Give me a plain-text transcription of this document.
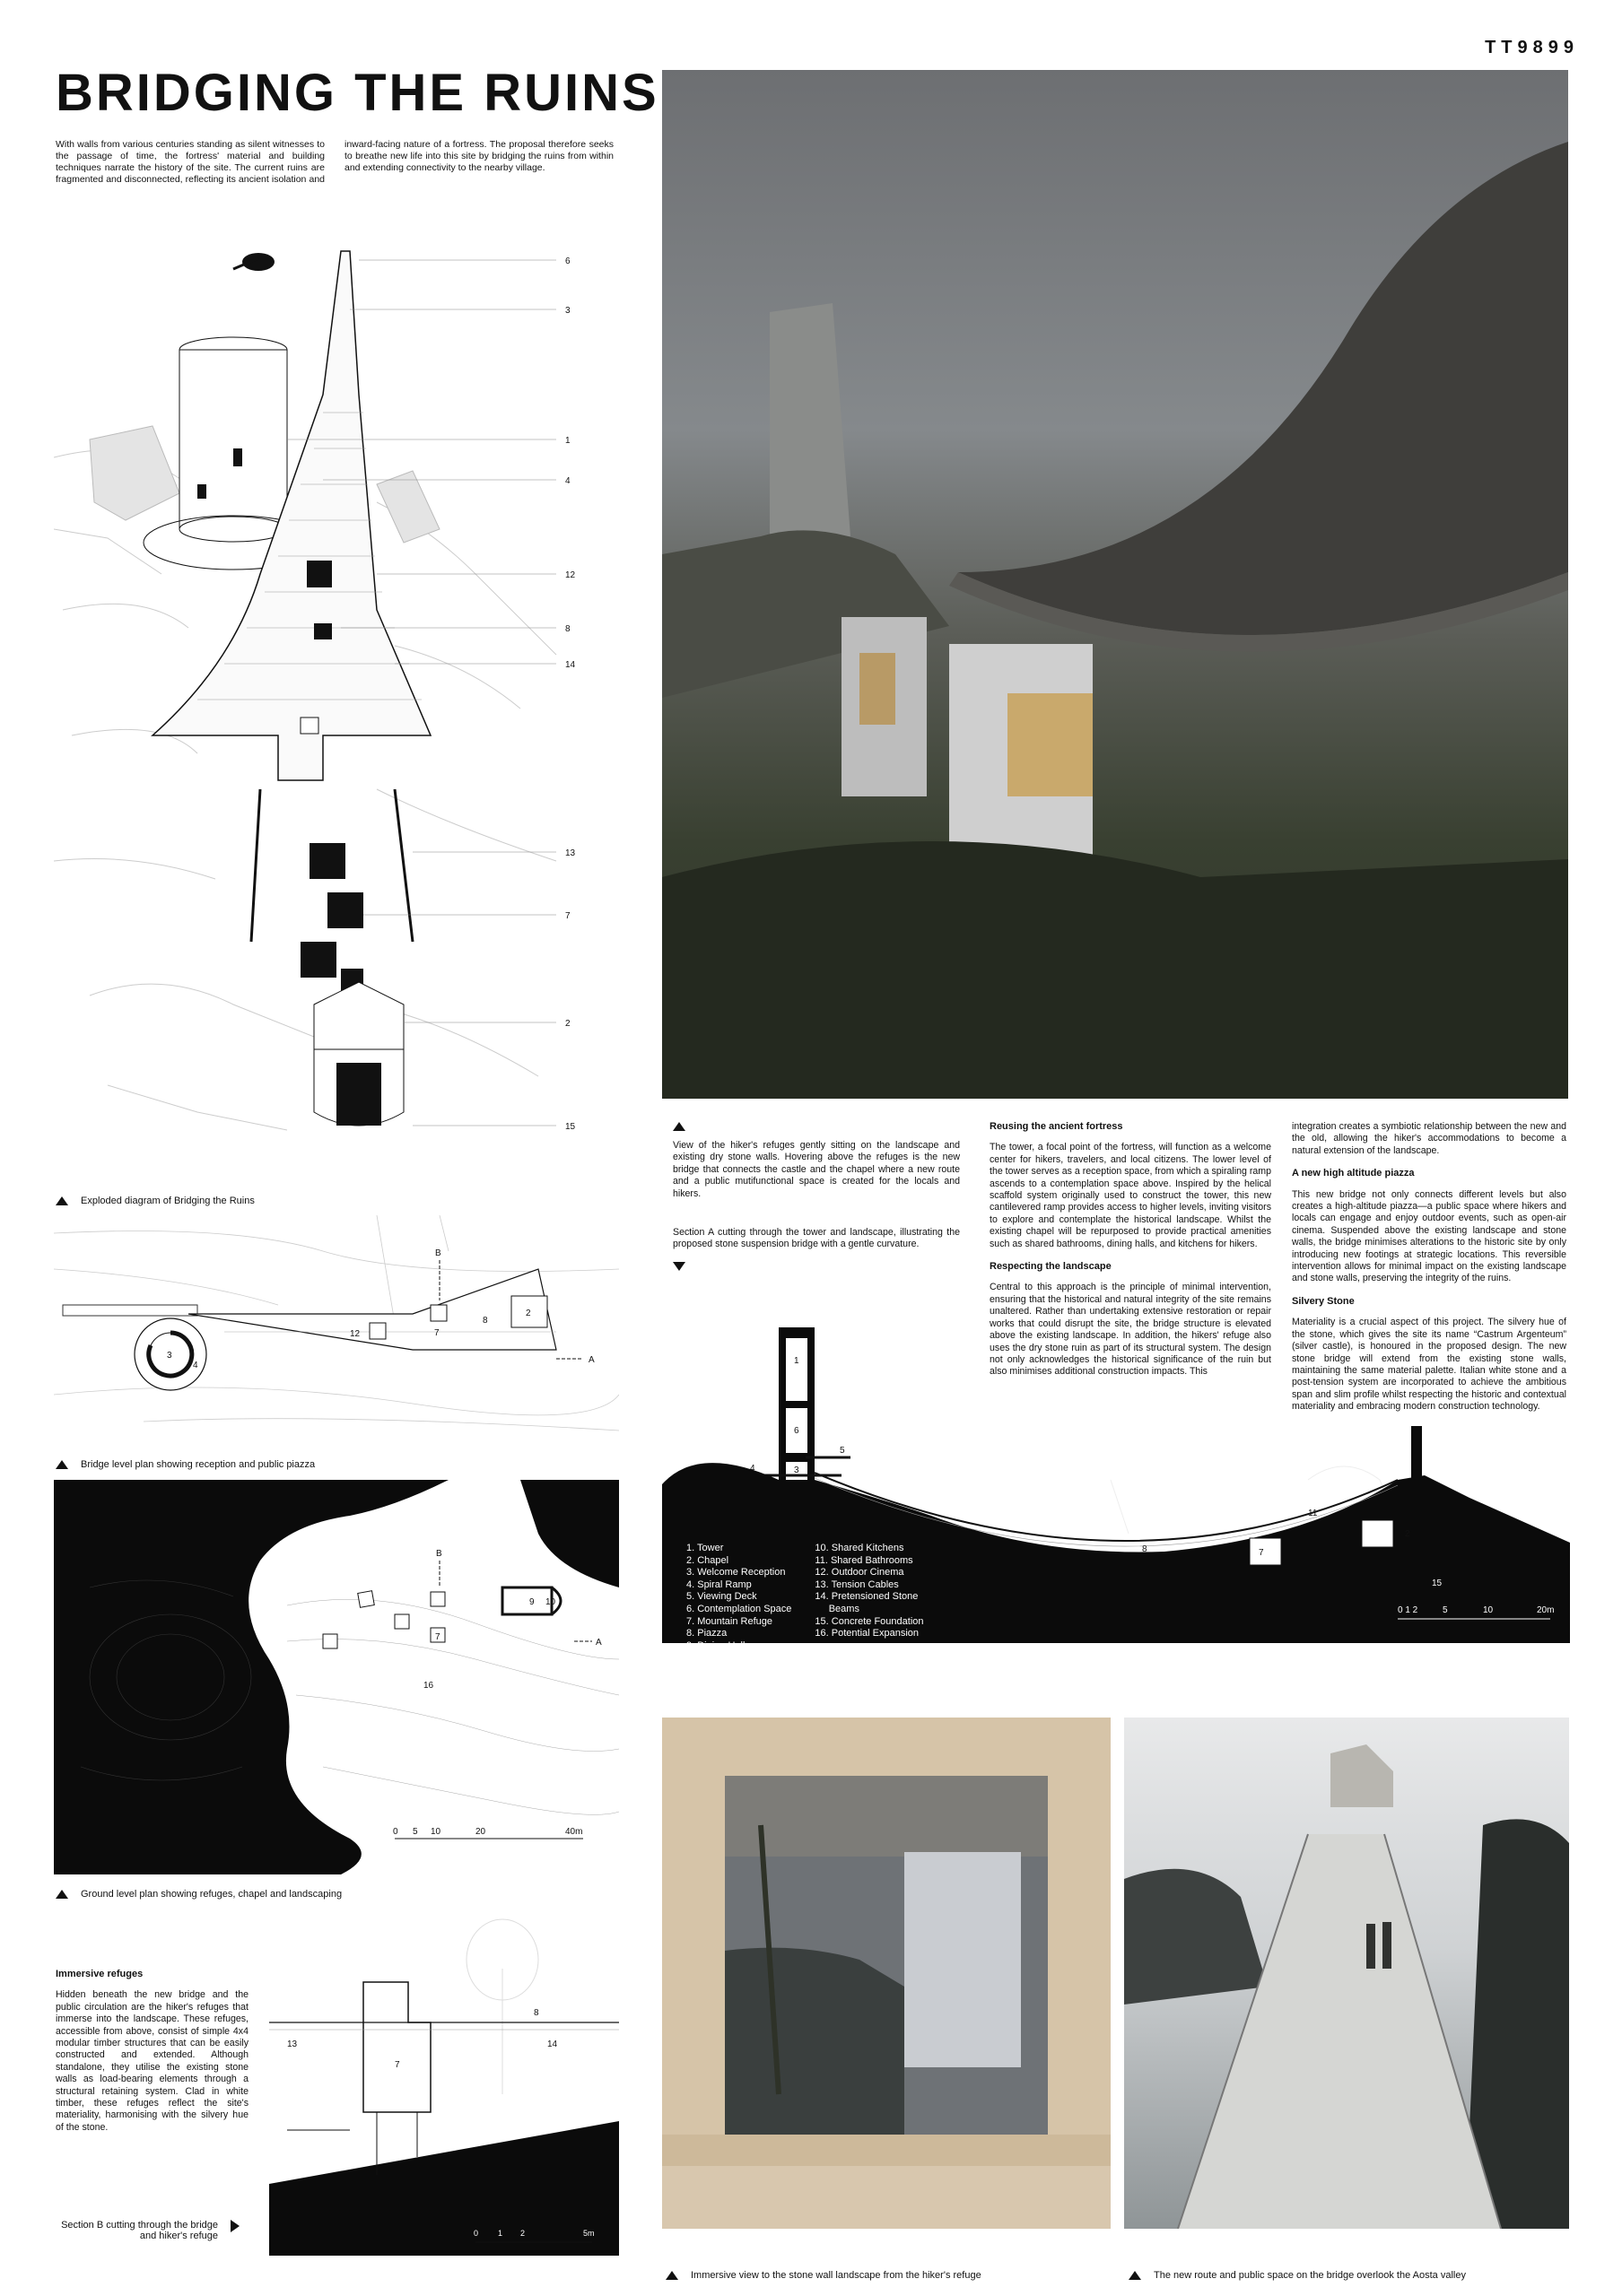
TT9899
BRIDGING THE RUINS
With walls from various centuries standing as silent witnesses to the passage of time, the fortress' material and building techniques narrate the history of the site. The current ruins are fragmented and disconnected, reflecting its ancient isolation and inward-facing nature of a fortress. The proposal therefore seeks to breathe new life into this site by bridging the ruins from within and extending connectivity to the nearby village.
6
3
1
4
12
8
14
13
7
2
15
Exploded diagram of Bridging the Ruins
B
A
12	7
8
2
3
4
Bridge level plan showing reception and public piazza
B
A
7
9 10
16
0 5 10	20	40m
Ground level plan showing refuges, chapel and landscaping
Immersive refuges

Hidden beneath the new bridge and the public circulation are the hiker's refuges that immerse into the landscape. These refuges, accessible from above, consist of simple 4x4 modular timber structures that can be easily constructed and extended. Although standalone, they utilise the existing stone walls as load-bearing elements through a structural retaining system. Clad in white timber, these refuges reflect the site's materiality, harmonising with the silvery hue of the stone.

8
7
13	14
0 1 2	5m
Section B cutting through the bridge and hiker's refuge

View of the hiker's refuges gently sitting on the landscape and existing dry stone walls. Hovering above the refuges is the new bridge that connects the castle and the chapel where a new route and a public mutifunctional space is created for the locals and hikers.

Section A cutting through the tower and landscape, illustrating the proposed stone suspension bridge with a gentle curvature.

Reusing the ancient fortress

The tower, a focal point of the fortress, will function as a welcome center for hikers, travelers, and local citizens. The lower level of the tower serves as a reception space, from which a spiraling ramp ascends to a contemplation space above. Inspired by the helical scaffold system originally used to construct the tower, this new cantilevered ramp provides access to higher levels, inviting visitors to explore and contemplate the historical landscape. Whilst the existing chapel will be repurposed to provide practical amenities such as shared bathrooms, dining halls, and kitchens for hikers.

Respecting the landscape

Central to this approach is the principle of minimal intervention, ensuring that the historical and natural integrity of the site remains unaltered. Rather than undertaking extensive restoration or repair works that could disrupt the site, the bridge structure is elevated above the existing landscape. In addition, the hikers' refuge also uses the dry stone ruin as part of its structural system. The design not only acknowledges the historical significance of the ruin but also minimises additional construction impacts. This

integration creates a symbiotic relationship between the new and the old, allowing the hiker's accommodations to become a natural extension of the landscape.

A new high altitude piazza

This new bridge not only connects different levels but also creates a high-altitude piazza—a public space where hikers and locals can engage and enjoy outdoor events, such as open-air cinema. Suspended above the existing landscape and stone walls, the bridge minimises alterations to the historic site by only introducing new footings at strategic locations. This reversible intervention allows for minimal impact on the existing landscape and stone walls, preserving the integrity of the ruins.

Silvery Stone

Materiality is a crucial aspect of this project. The silvery hue of the stone, which gives the site its name “Castrum Argenteum” (silver castle), is honoured in the proposed design. The new stone bridge will extend from the existing stone walls, maintaining the same material palette. Italian white stone and a post-tension system are incorporated to achieve the ambitious span and slim profile whilst respecting the historic and contextual materiality and embracing modern construction technology.

1
6
5
4	3
8
11
7
2
15
0 1 2	5	10	20m
1. Tower
2. Chapel
3. Welcome Reception
4. Spiral Ramp
5. Viewing Deck
6. Contemplation Space
7. Mountain Refuge
8. Piazza
9. Dining Hall
10. Shared Kitchens
11. Shared Bathrooms
12. Outdoor Cinema
13. Tension Cables
14. Pretensioned Stone
Beams
15. Concrete Foundation
16. Potential Expansion
Immersive view to the stone wall landscape from the hiker's refuge	The new route and public space on the bridge overlook the Aosta valley
